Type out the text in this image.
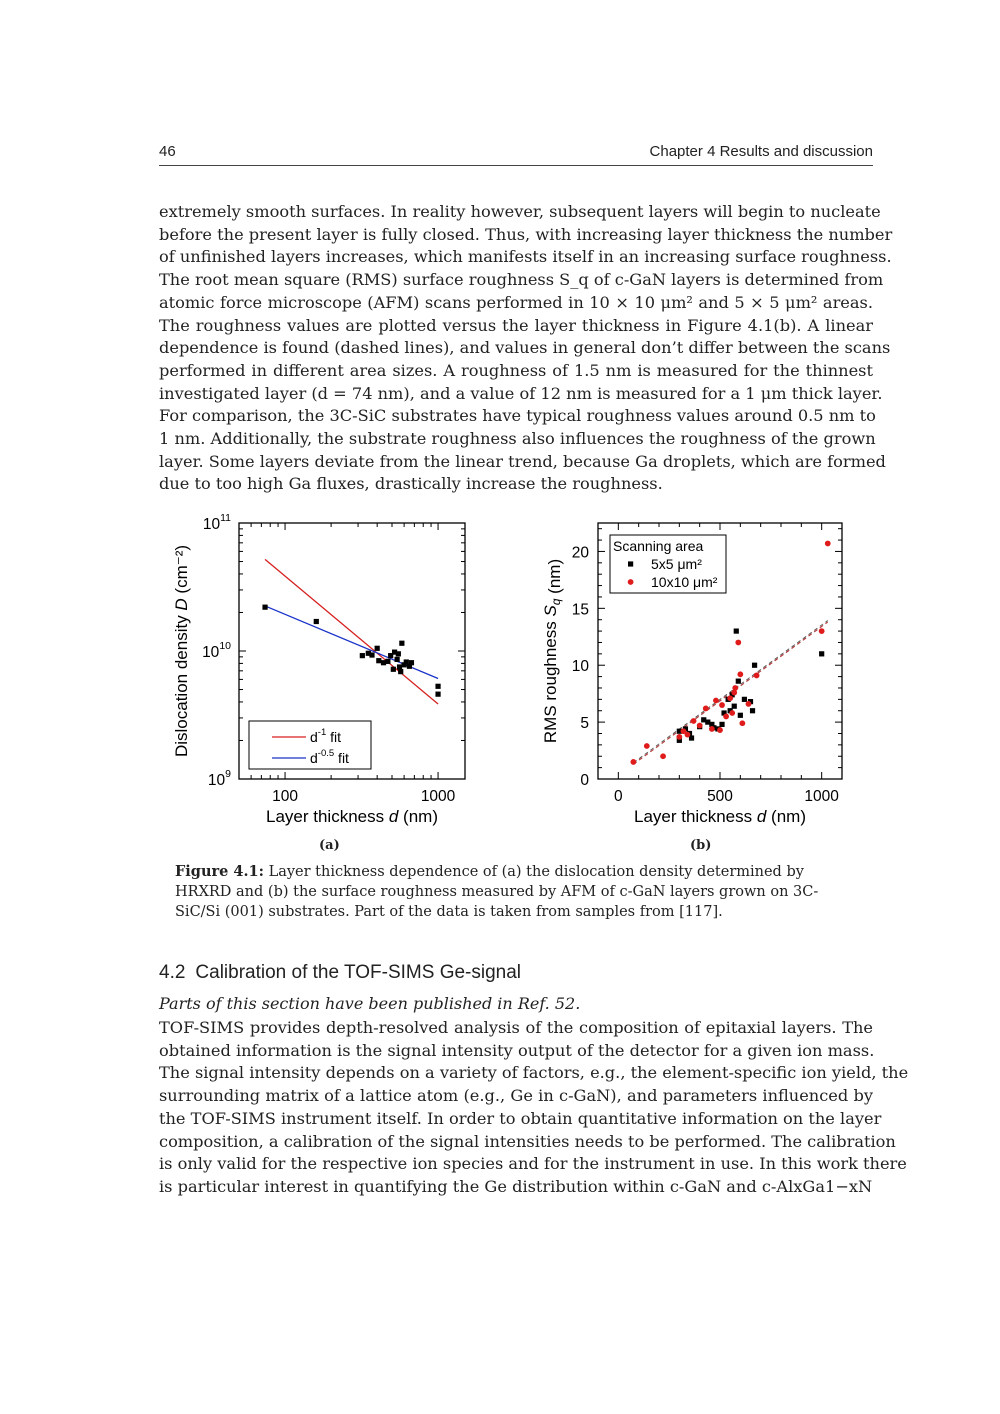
46	Chapter 4 Results and discussion
extremely smooth surfaces. In reality however, subsequent layers will begin to nucleate
before the present layer is fully closed. Thus, with increasing layer thickness the number
of unfinished layers increases, which manifests itself in an increasing surface roughness.
The root mean square (RMS) surface roughness S_q of c-GaN layers is determined from
atomic force microscope (AFM) scans performed in 10 × 10 μm² and 5 × 5 μm² areas.
The roughness values are plotted versus the layer thickness in Figure 4.1(b). A linear
dependence is found (dashed lines), and values in general don’t differ between the scans
performed in different area sizes. A roughness of 1.5 nm is measured for the thinnest
investigated layer (d = 74 nm), and a value of 12 nm is measured for a 1 μm thick layer.
For comparison, the 3C-SiC substrates have typical roughness values around 0.5 nm to
1 nm. Additionally, the substrate roughness also influences the roughness of the grown
layer. Some layers deviate from the linear trend, because Ga droplets, which are formed
due to too high Ga fluxes, drastically increase the roughness.
100	1000
$10^9$
$10^{10}$
$10^{11}$
$d^{-1}$ fit
$d^{-0.5}$ fit
Layer thickness d (nm)
Dislocation density D (cm⁻²)
0	500	1000
0
5
10
15
20 Scanning area
5x5 μm²
10x10 μm²
Layer thickness d (nm)
RMS roughness $S_q$ (nm)
(a)	(b)
Figure 4.1: Layer thickness dependence of (a) the dislocation density determined by HRXRD and (b) the surface roughness measured by AFM of c-GaN layers grown on 3C-SiC/Si (001) substrates. Part of the data is taken from samples from [117].
4.2 Calibration of the TOF-SIMS Ge-signal
Parts of this section have been published in Ref. 52.
TOF-SIMS provides depth-resolved analysis of the composition of epitaxial layers. The
obtained information is the signal intensity output of the detector for a given ion mass.
The signal intensity depends on a variety of factors, e.g., the element-specific ion yield, the
surrounding matrix of a lattice atom (e.g., Ge in c-GaN), and parameters influenced by
the TOF-SIMS instrument itself. In order to obtain quantitative information on the layer
composition, a calibration of the signal intensities needs to be performed. The calibration
is only valid for the respective ion species and for the instrument in use. In this work there
is particular interest in quantifying the Ge distribution within c-GaN and c-AlxGa1−xN
